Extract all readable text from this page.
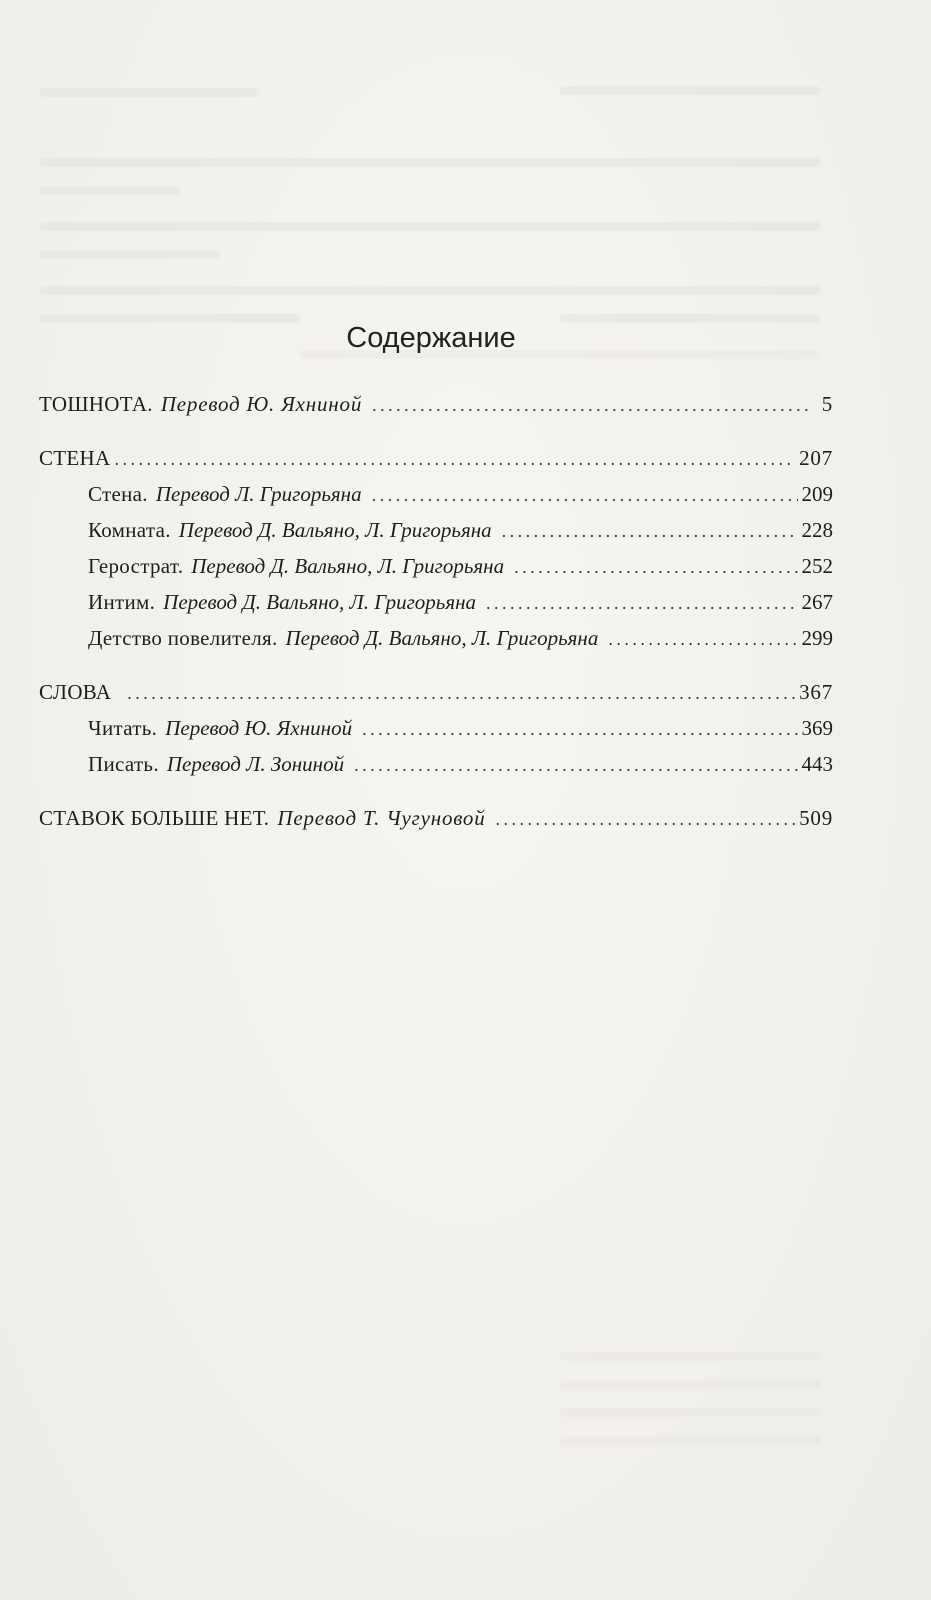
Содержание
ТОШНОТА. Перевод Ю. Яхниной . . .	5
СТЕНА . . .	207
Стена. Перевод Л. Григорьяна . . .	209
Комната. Перевод Д. Вальяно, Л. Григорьяна . . .	228
Герострат. Перевод Д. Вальяно, Л. Григорьяна . . .	252
Интим. Перевод Д. Вальяно, Л. Григорьяна . . .	267
Детство повелителя. Перевод Д. Вальяно, Л. Григорьяна . . .	299
СЛОВА . . .	367
Читать. Перевод Ю. Яхниной . . .	369
Писать. Перевод Л. Зониной . . .	443
СТАВОК БОЛЬШЕ НЕТ. Перевод Т. Чугуновой . . .	509
